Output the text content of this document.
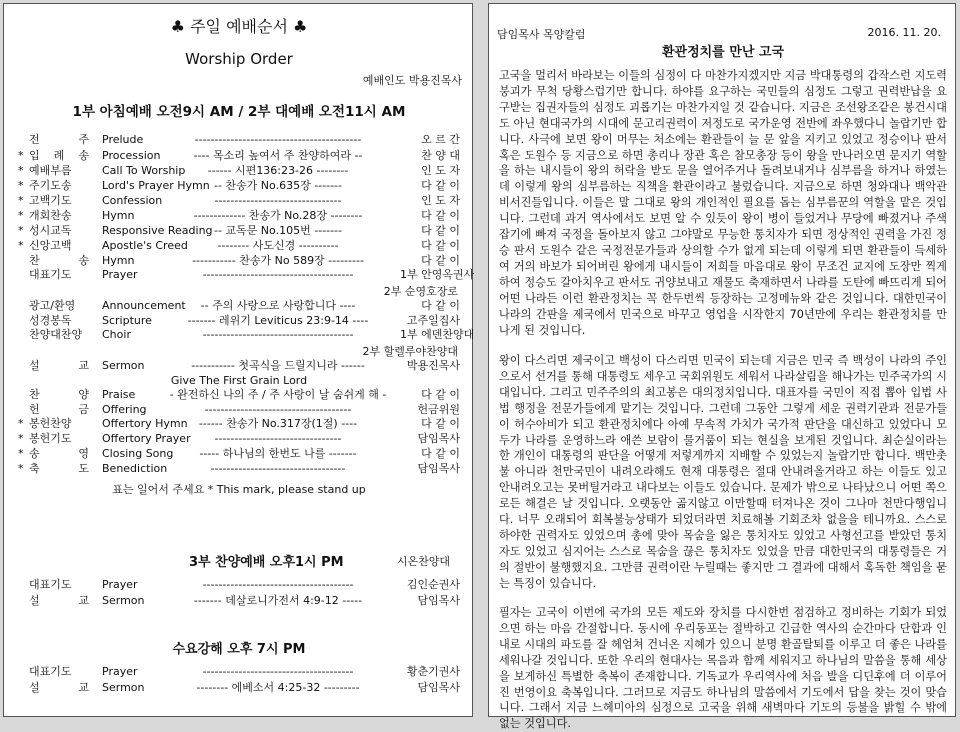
♣ 주일 예배순서 ♣
Worship Order
예배인도 박용진목사
1부 아침예배 오전9시 AM / 2부 대예배 오전11시 AM
전 주 Prelude	------------------------------------------	오 르 간
* 입 례 송 Procession	---- 목소리 높여서 주 찬양하여라 --	찬 양 대
* 예배부름	Call To Worship	------ 시편136:23-26 --------	인 도 자
* 주기도송	Lord's Prayer Hymn -- 찬송가 No.635장 -------	다 같 이
* 고백기도	Confession	--------------------------------	인 도 자
* 개회찬송	Hymn	------------- 찬송가 No.28장 --------	다 같 이
* 성시교독	Responsive Reading -- 교독문 No.105번 -------	다 같 이
* 신앙고백	Apostle's Creed	-------- 사도신경 ----------	다 같 이
찬 송 Hymn	----------- 찬송가 No 589장 ---------	다 같 이
대표기도	Prayer	--------------------------------------	1부 안영옥권사
2부 순영호장로
광고/환영	Announcement	-- 주의 사랑으로 사랑합니다 ----	다 같 이
성경봉독	Scripture	------- 레위기 Leviticus 23:9-14 ----	고주일집사
찬양대찬양	Choir	--------------------------------------	1부 에덴찬양대
2부 할렐루야찬양대
설 교 Sermon	----------- 첫곡식을 드릴지니라 ------	박용진목사
Give The First Grain Lord
찬 양 Praise	- 완전하신 나의 주 / 주 사랑이 날 숨쉬게 해 -	다 같 이
헌 금 Offering	-------------------------------------	헌금위원
* 봉헌찬양	Offertory Hymn	------ 찬송가 No.317장(1절) ----	다 같 이
* 봉헌기도	Offertory Prayer	--------------------------------	담임목사
* 송 영 Closing Song	----- 하나님의 한번도 나를 -------	다 같 이
* 축 도 Benediction	----------------------------------	담임목사
표는 일어서 주세요 * This mark, please stand up
3부 찬양예배 오후1시 PM	시온찬양대
대표기도	Prayer	--------------------------------------	김인순권사
설 교 Sermon	------- 데살로니가전서 4:9-12 -----	담임목사
수요강해 오후 7시 PM
대표기도	Prayer	--------------------------------------	황춘기권사
설 교 Sermon	-------- 에베소서 4:25-32 ---------	담임목사
담임목사 목양칼럼	2016. 11. 20.
환관정치를 만난 고국
고국을 멀리서 바라보는 이들의 심정이 다 마찬가지겠지만 지금 박대통령의 갑작스런 지도력붕괴가 무척 당황스럽기만 합니다. 하야를 요구하는 국민들의 심정도 그렇고 권력반납을 요구받는 집권자들의 심정도 괴롭기는 마찬가지일 것 같습니다. 지금은 조선왕조같은 봉건시대도 아닌 현대국가의 시대에 문고리권력이 저정도로 국가운영 전반에 좌우했다니 놀랍기만 합니다. 사극에 보면 왕이 머무는 처소에는 환관들이 늘 문 앞을 지키고 있었고 정승이나 판서 혹은 도원수 등 지금으로 하면 총리나 장관 혹은 참모총장 등이 왕을 만나러오면 문지기 역할을 하는 내시들이 왕의 허락을 받도 문을 열어주거나 돌려보내거나 심부름을 하거나 하였는데 이렇게 왕의 심부름하는 직책을 환관이라고 불렀습니다. 지금으로 하면 청와대나 백악관 비서진들입니다. 이들은 말 그대로 왕의 개인적인 필요를 돕는 심부름꾼의 역할을 맡은 것입니다. 그런데 과거 역사에서도 보면 알 수 있듯이 왕이 병이 들었거나 무당에 빠졌거나 주색잡기에 빠져 국정을 돌아보지 않고 그야말로 무능한 통치자가 되면 정상적인 권력을 가진 정승 판서 도원수 같은 국정전문가들과 상의할 수가 없게 되는데 이렇게 되면 환관들이 득세하여 거의 바보가 되어버린 왕에게 내시들이 저희들 마음대로 왕이 무조건 교지에 도장만 찍게하여 정승도 갈아치우고 판서도 귀양보내고 재물도 축재하면서 나라를 도탄에 빠뜨리게 되어 어떤 나라든 이런 환관정치는 꼭 한두번씩 등장하는 고정메뉴와 같은 것입니다. 대한민국이 나라의 간판을 제국에서 민국으로 바꾸고 영업을 시작한지 70년만에 우리는 환관정치를 만나게 된 것입니다.
왕이 다스리면 제국이고 백성이 다스리면 민국이 되는데 지금은 민국 즉 백성이 나라의 주인으로서 선거를 통해 대통령도 세우고 국회위원도 세워서 나라살림을 해나가는 민주국가의 시대입니다. 그리고 민주주의의 최고봉은 대의정치입니다. 대표자를 국민이 직접 뽑아 입법 사법 행정을 전문가들에게 맡기는 것입니다. 그런데 그동안 그렇게 세운 권력기관과 전문가들이 허수아비가 되고 환관정치에다 아예 무속적 가치가 국가적 판단을 대신하고 있었다니 모두가 나라를 운영하느라 애쓴 보람이 물거품이 되는 현실을 보게된 것입니다. 최순실이라는 한 개인이 대통령의 판단을 어떻게 저렇게까지 지배할 수 있었는지 놀랍기만 합니다. 백만촛불 아니라 천만국민이 내려오라해도 현재 대통령은 절대 안내려올거라고 하는 이들도 있고 안내려오고는 못버틸거라고 내다보는 이들도 있습니다. 문제가 밖으로 나타났으니 어떤 쪽으로든 해결은 날 것입니다. 오랫동안 곪지않고 이만할때 터져나온 것이 그나마 천만다행입니다. 너무 오래되어 회복불능상태가 되었더라면 치료해볼 기회조차 없을을 테니까요. 스스로 하야한 권력자도 있었으며 총에 맞아 목숨을 잃은 통치자도 있었고 사형선고를 받았던 통치자도 있었고 심지어는 스스로 목숨을 끊은 통치자도 있었을 만큼 대한민국의 대통령들은 거의 절반이 불행했지요. 그만큼 권력이란 누릴때는 좋지만 그 결과에 대해서 혹독한 책임을 묻는 특징이 있습니다.
필자는 고국이 이번에 국가의 모든 제도와 장치를 다시한번 점검하고 정비하는 기회가 되었으면 하는 마음 간절합니다. 동시에 우리동포는 절박하고 긴급한 역사의 순간마다 단합과 인내로 시대의 파도를 잘 헤엄쳐 건너온 지혜가 있으니 분명 환골탈퇴를 이루고 더 좋은 나라를 세워나갈 것입니다. 또한 우리의 현대사는 목음과 함께 세워지고 하나님의 말씀을 통해 세상을 보게하신 특별한 축복이 존재합니다. 기독교가 우리역사에 처음 발을 디딘후에 더 이루어진 번영이요 축복입니다. 그러므로 지금도 하나님의 말씀에서 기도에서 답을 찾는 것이 맞습니다. 그래서 지금 느헤미아의 심정으로 고국을 위해 새벽마다 기도의 등불을 밝힐 수 밖에 없는 것입니다.
